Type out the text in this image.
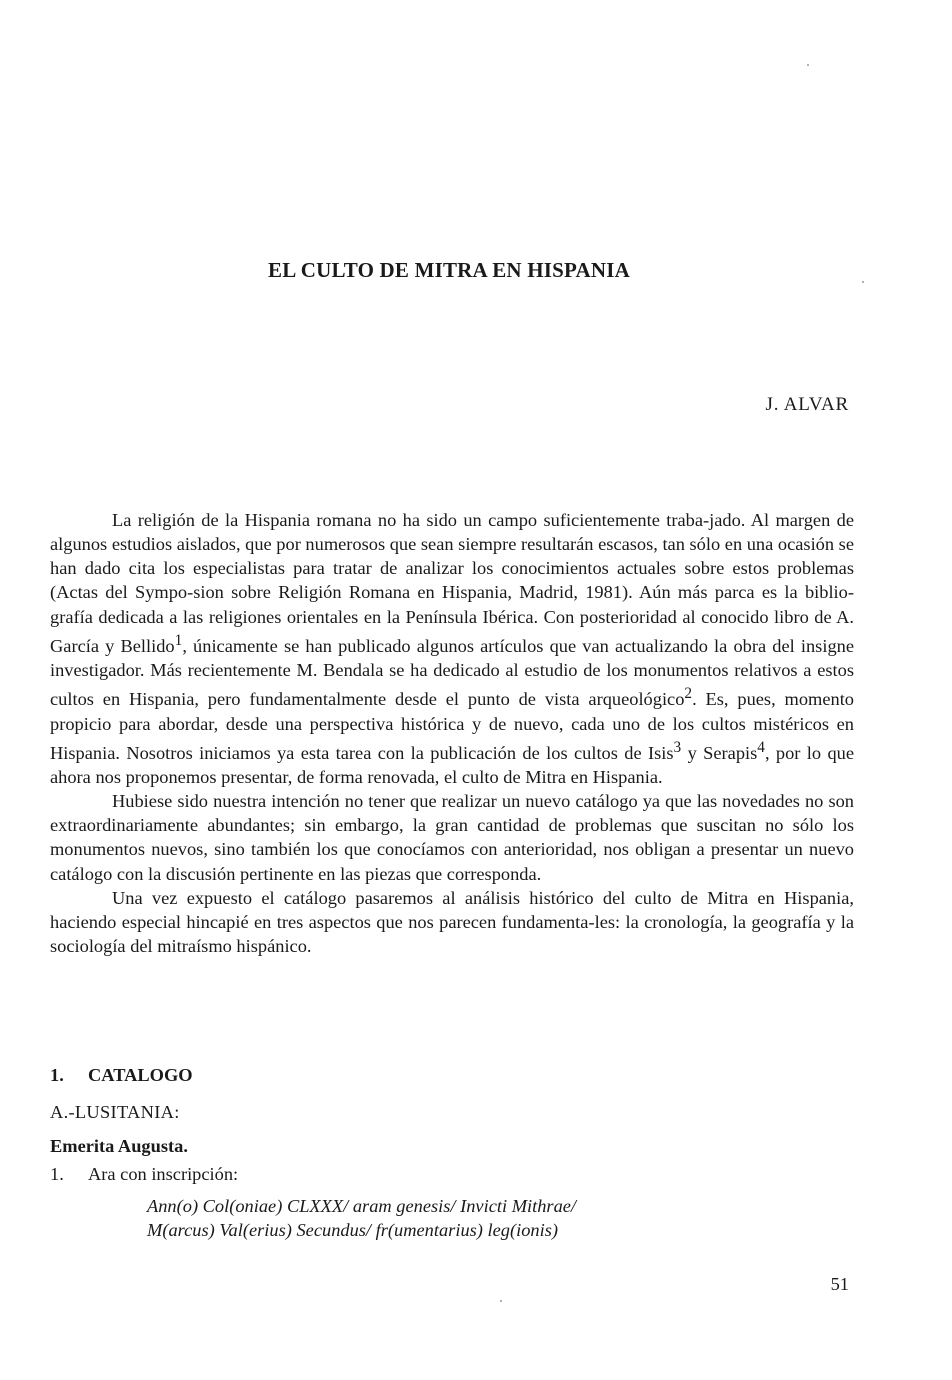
EL CULTO DE MITRA EN HISPANIA

J. ALVAR

La religión de la Hispania romana no ha sido un campo suficientemente traba-jado. Al margen de algunos estudios aislados, que por numerosos que sean siempre resultarán escasos, tan sólo en una ocasión se han dado cita los especialistas para tratar de analizar los conocimientos actuales sobre estos problemas (Actas del Sympo-sion sobre Religión Romana en Hispania, Madrid, 1981). Aún más parca es la biblio-grafía dedicada a las religiones orientales en la Península Ibérica. Con posterioridad al conocido libro de A. García y Bellido$^1$, únicamente se han publicado algunos artículos que van actualizando la obra del insigne investigador. Más recientemente M. Bendala se ha dedicado al estudio de los monumentos relativos a estos cultos en Hispania, pero fundamentalmente desde el punto de vista arqueológico$^2$. Es, pues, momento propicio para abordar, desde una perspectiva histórica y de nuevo, cada uno de los cultos mistéricos en Hispania. Nosotros iniciamos ya esta tarea con la publicación de los cultos de Isis$^3$ y Serapis$^4$, por lo que ahora nos proponemos presentar, de forma renovada, el culto de Mitra en Hispania.

Hubiese sido nuestra intención no tener que realizar un nuevo catálogo ya que las novedades no son extraordinariamente abundantes; sin embargo, la gran cantidad de problemas que suscitan no sólo los monumentos nuevos, sino también los que conocíamos con anterioridad, nos obligan a presentar un nuevo catálogo con la discusión pertinente en las piezas que corresponda.

Una vez expuesto el catálogo pasaremos al análisis histórico del culto de Mitra en Hispania, haciendo especial hincapié en tres aspectos que nos parecen fundamenta-les: la cronología, la geografía y la sociología del mitraísmo hispánico.

1. CATALOGO

A.-LUSITANIA:

Emerita Augusta.

1. Ara con inscripción:

Ann(o) Col(oniae) CLXXX/ aram genesis/ Invicti Mithrae/
M(arcus) Val(erius) Secundus/ fr(umentarius) leg(ionis)

51
